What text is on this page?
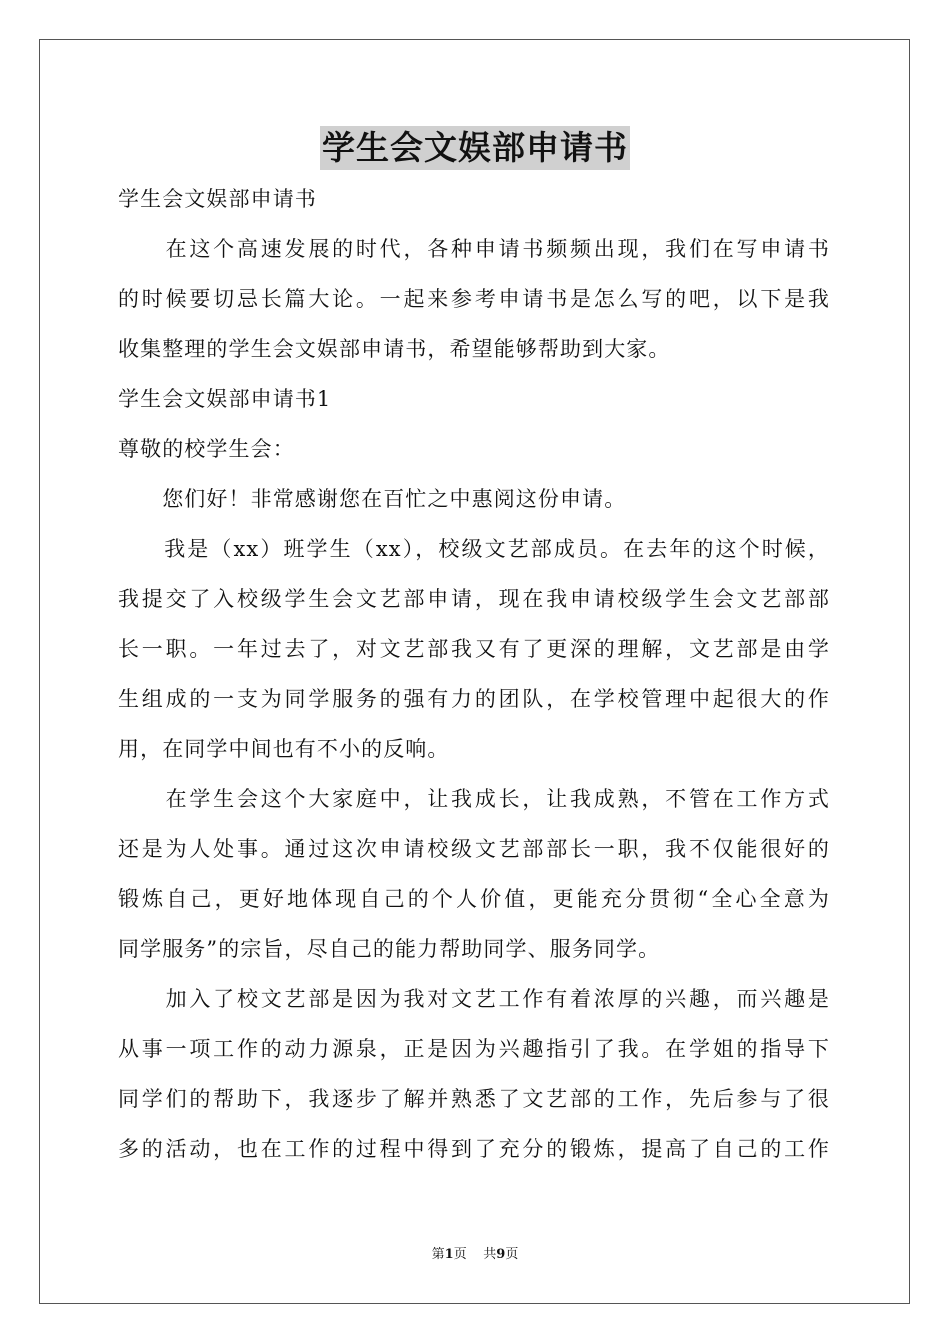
学生会文娱部申请书
学生会文娱部申请书
　　在这个高速发展的时代，各种申请书频频出现，我们在写申请书
的时候要切忌长篇大论。一起来参考申请书是怎么写的吧，以下是我
收集整理的学生会文娱部申请书，希望能够帮助到大家。
学生会文娱部申请书1
尊敬的校学生会：
　　您们好！非常感谢您在百忙之中惠阅这份申请。
　　我是（xx）班学生（xx），校级文艺部成员。在去年的这个时候，
我提交了入校级学生会文艺部申请，现在我申请校级学生会文艺部部
长一职。一年过去了，对文艺部我又有了更深的理解，文艺部是由学
生组成的一支为同学服务的强有力的团队，在学校管理中起很大的作
用，在同学中间也有不小的反响。
　　在学生会这个大家庭中，让我成长，让我成熟，不管在工作方式
还是为人处事。通过这次申请校级文艺部部长一职，我不仅能很好的
锻炼自己，更好地体现自己的个人价值，更能充分贯彻“全心全意为
同学服务”的宗旨，尽自己的能力帮助同学、服务同学。
　　加入了校文艺部是因为我对文艺工作有着浓厚的兴趣，而兴趣是
从事一项工作的动力源泉，正是因为兴趣指引了我。在学姐的指导下
同学们的帮助下，我逐步了解并熟悉了文艺部的工作，先后参与了很
多的活动，也在工作的过程中得到了充分的锻炼，提高了自己的工作
第1页 共9页
